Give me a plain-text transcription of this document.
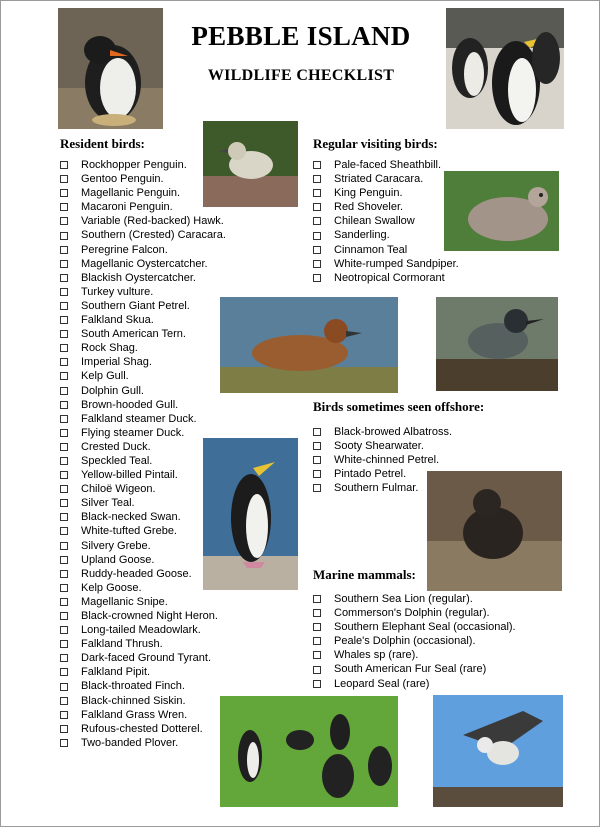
PEBBLE ISLAND
WILDLIFE CHECKLIST
Resident birds:
Rockhopper Penguin.
Gentoo Penguin.
Magellanic Penguin.
Macaroni Penguin.
Variable (Red-backed) Hawk.
Southern (Crested) Caracara.
Peregrine Falcon.
Magellanic Oystercatcher.
Blackish Oystercatcher.
Turkey vulture.
Southern Giant Petrel.
Falkland Skua.
South American Tern.
Rock Shag.
Imperial Shag.
Kelp Gull.
Dolphin Gull.
Brown-hooded Gull.
Falkland steamer Duck.
Flying steamer Duck.
Crested Duck.
Speckled Teal.
Yellow-billed Pintail.
Chiloë Wigeon.
Silver Teal.
Black-necked Swan.
White-tufted Grebe.
Silvery Grebe.
Upland Goose.
Ruddy-headed Goose.
Kelp Goose.
Magellanic Snipe.
Black-crowned Night Heron.
Long-tailed Meadowlark.
Falkland Thrush.
Dark-faced Ground Tyrant.
Falkland Pipit.
Black-throated Finch.
Black-chinned Siskin.
Falkland Grass Wren.
Rufous-chested Dotterel.
Two-banded Plover.
Regular visiting birds:
Pale-faced Sheathbill.
Striated Caracara.
King Penguin.
Red Shoveler.
Chilean Swallow
Sanderling.
Cinnamon Teal
White-rumped Sandpiper.
Neotropical Cormorant
Birds sometimes seen offshore:
Black-browed Albatross.
Sooty Shearwater.
White-chinned Petrel.
Pintado Petrel.
Southern Fulmar.
Marine mammals:
Southern Sea Lion (regular).
Commerson's Dolphin (regular).
Southern Elephant Seal (occasional).
Peale's Dolphin (occasional).
Whales sp (rare).
South American Fur Seal (rare)
Leopard Seal (rare)
